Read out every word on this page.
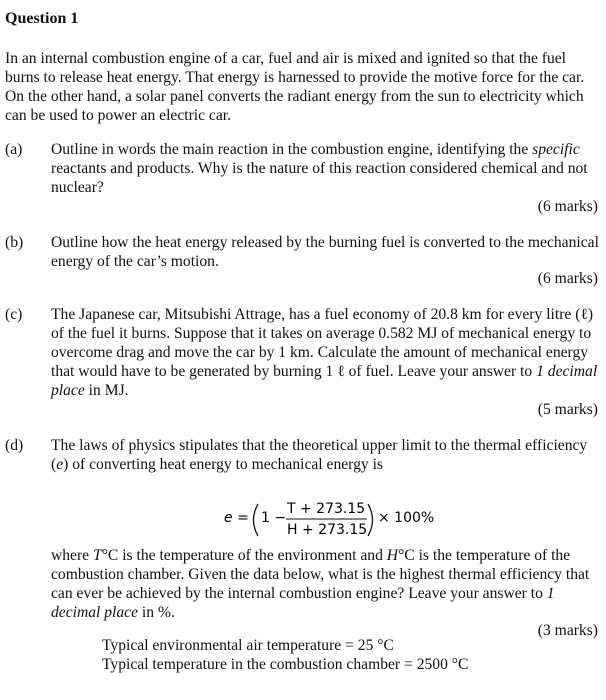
Question 1
In an internal combustion engine of a car, fuel and air is mixed and ignited so that the fuel burns to release heat energy. That energy is harnessed to provide the motive force for the car. On the other hand, a solar panel converts the radiant energy from the sun to electricity which can be used to power an electric car.
(a) Outline in words the main reaction in the combustion engine, identifying the specific reactants and products. Why is the nature of this reaction considered chemical and not nuclear?
(6 marks)
(b) Outline how the heat energy released by the burning fuel is converted to the mechanical energy of the car’s motion.
(6 marks)
(c) The Japanese car, Mitsubishi Attrage, has a fuel economy of 20.8 km for every litre (ℓ) of the fuel it burns. Suppose that it takes on average 0.582 MJ of mechanical energy to overcome drag and move the car by 1 km. Calculate the amount of mechanical energy that would have to be generated by burning 1 ℓ of fuel. Leave your answer to 1 decimal place in MJ.
(5 marks)
(d) The laws of physics stipulates that the theoretical upper limit to the thermal efficiency (e) of converting heat energy to mechanical energy is
e = 1 −
T + 273.15
H + 273.15
× 100%
where T°C is the temperature of the environment and H°C is the temperature of the combustion chamber. Given the data below, what is the highest thermal efficiency that can ever be achieved by the internal combustion engine? Leave your answer to 1 decimal place in %.
(3 marks)
Typical environmental air temperature = 25 °C
Typical temperature in the combustion chamber = 2500 °C
